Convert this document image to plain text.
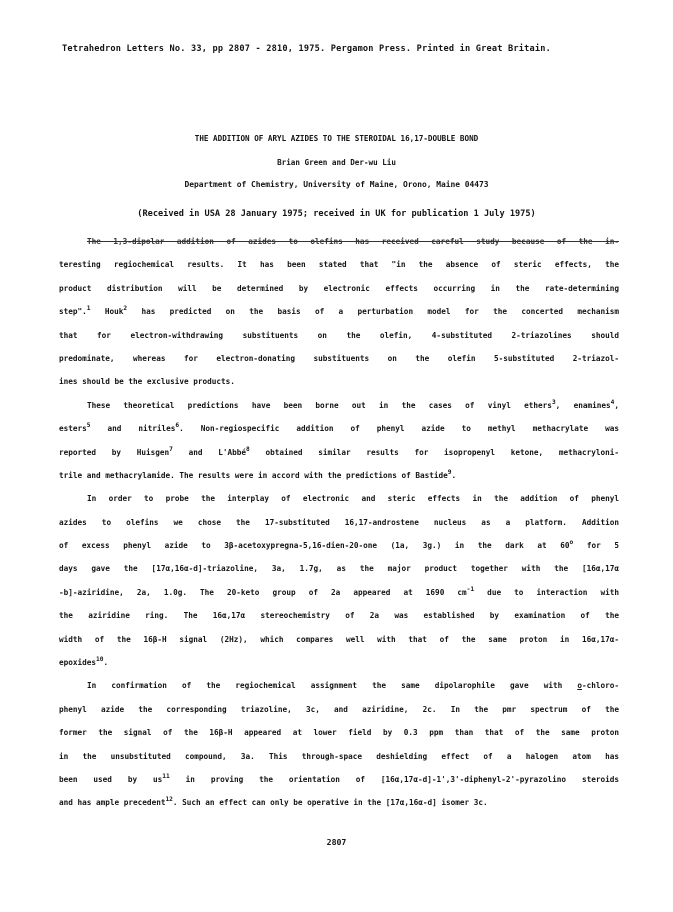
Tetrahedron Letters No. 33, pp 2807 - 2810, 1975. Pergamon Press. Printed in Great Britain.
THE ADDITION OF ARYL AZIDES TO THE STEROIDAL 16,17-DOUBLE BOND
Brian Green and Der-wu Liu
Department of Chemistry, University of Maine, Orono, Maine 04473
(Received in USA 28 January 1975; received in UK for publication 1 July 1975)
The 1,3-dipolar addition of azides to olefins has received careful study because of the in-
teresting regiochemical results. It has been stated that "in the absence of steric effects, the
product distribution will be determined by electronic effects occurring in the rate-determining
step".$^1$ Houk$^2$ has predicted on the basis of a perturbation model for the concerted mechanism
that for electron-withdrawing substituents on the olefin, 4-substituted 2-triazolines should
predominate, whereas for electron-donating substituents on the olefin 5-substituted 2-triazol-
ines should be the exclusive products.
These theoretical predictions have been borne out in the cases of vinyl ethers$^3$, enamines$^4$,
esters$^5$ and nitriles$^6$. Non-regiospecific addition of phenyl azide to methyl methacrylate was
reported by Huisgen$^7$ and L'Abbé$^8$ obtained similar results for isopropenyl ketone, methacryloni-
trile and methacrylamide. The results were in accord with the predictions of Bastide$^9$.
In order to probe the interplay of electronic and steric effects in the addition of phenyl
azides to olefins we chose the 17-substituted 16,17-androstene nucleus as a platform. Addition
of excess phenyl azide to 3β-acetoxypregna-5,16-dien-20-one (1a, 3g.) in the dark at 60$^o$ for 5
days gave the [17α,16α-d]-triazoline, 3a, 1.7g, as the major product together with the [16α,17α
-b]-aziridine, 2a, 1.0g. The 20-keto group of 2a appeared at 1690 $cm^{-1}$ due to interaction with
the aziridine ring. The 16α,17α stereochemistry of 2a was established by examination of the
width of the 16β-H signal (2Hz), which compares well with that of the same proton in 16α,17α-
epoxides$^{10}$.
In confirmation of the regiochemical assignment the same dipolarophile gave with o-chloro-
phenyl azide the corresponding triazoline, 3c, and aziridine, 2c. In the pmr spectrum of the
former the signal of the 16β-H appeared at lower field by 0.3 ppm than that of the same proton
in the unsubstituted compound, 3a. This through-space deshielding effect of a halogen atom has
been used by $us^{11}$ in proving the orientation of [16α,17α-d]-1',3'-diphenyl-2'-pyrazolino steroids
and has ample precedent$^{12}$. Such an effect can only be operative in the [17α,16α-d] isomer 3c.
2807
